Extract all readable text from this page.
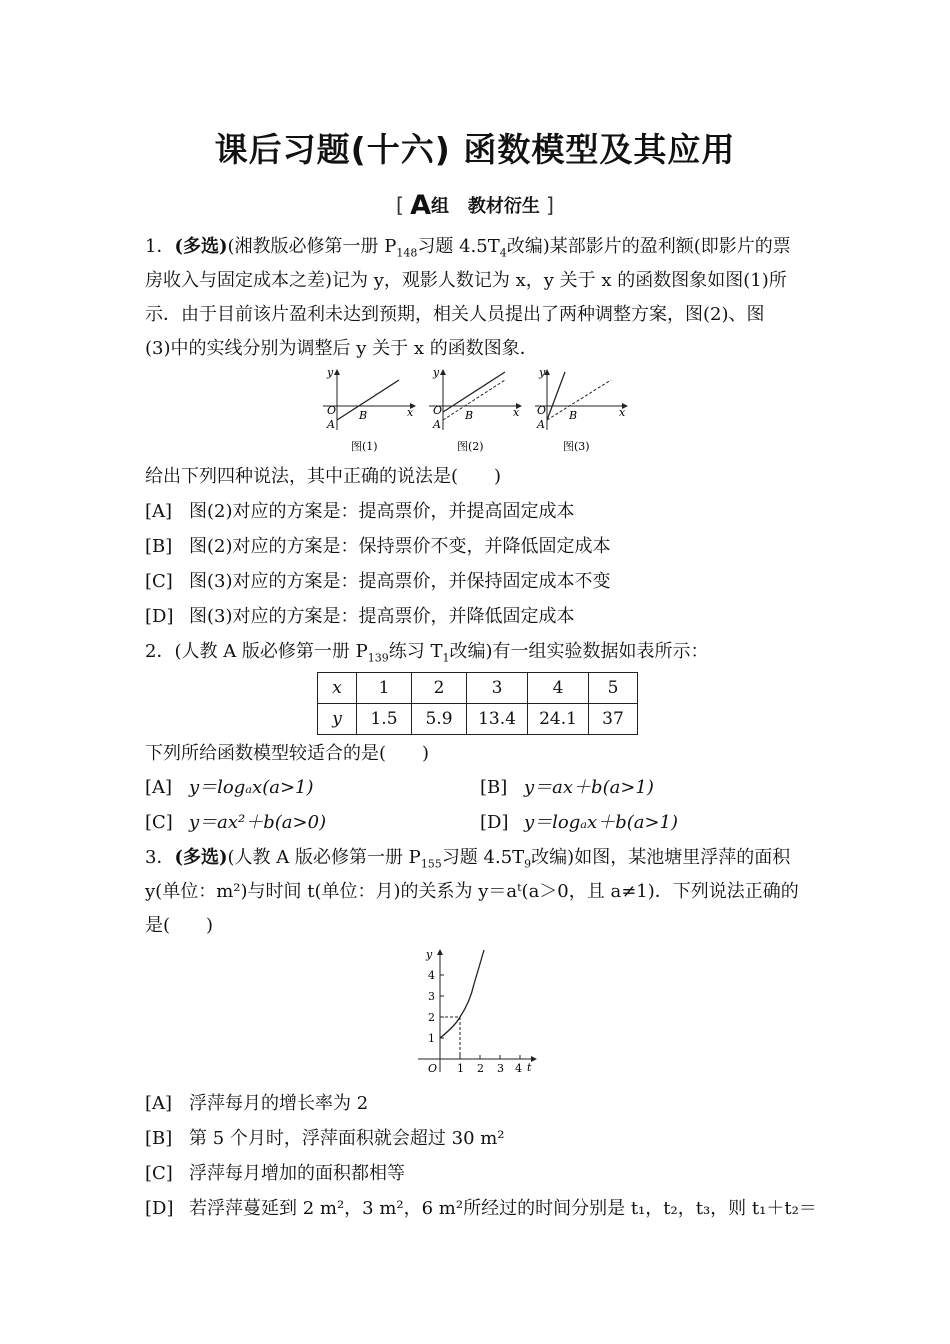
课后习题(十六) 函数模型及其应用
[ A组 教材衍生 ]
1．(多选)(湘教版必修第一册 $P_{148}$习题 $4.5T_4$改编)某部影片的盈利额(即影片的票
房收入与固定成本之差)记为 y，观影人数记为 x，y 关于 x 的函数图象如图(1)所
示．由于目前该片盈利未达到预期，相关人员提出了两种调整方案，图(2)、图
(3)中的实线分别为调整后 y 关于 x 的函数图象．
y
x
O
A
B
图(1)
y
x
O
A
B
图(2)
y
x
O
A
B
图(3)
给出下列四种说法，其中正确的说法是(　　)
[A] 图(2)对应的方案是：提高票价，并提高固定成本
[B] 图(2)对应的方案是：保持票价不变，并降低固定成本
[C] 图(3)对应的方案是：提高票价，并保持固定成本不变
[D] 图(3)对应的方案是：提高票价，并降低固定成本
2．(人教 A 版必修第一册 $P_{139}$练习 $T_1$改编)有一组实验数据如表所示：
x	1	2	3	4	5
y	1.5	5.9	13.4	24.1	37
下列所给函数模型较适合的是(　　)
[A] y＝logₐx(a>1)	[B] y＝ax＋b(a>1)
[C] y＝ax²＋b(a>0)	[D] y＝logₐx＋b(a>1)
3．(多选)(人教 A 版必修第一册 $P_{155}$习题 $4.5T_9$改编)如图，某池塘里浮萍的面积
y(单位：m²)与时间 t(单位：月)的关系为 y＝aᵗ(a＞0，且 a≠1)．下列说法正确的
是(　　)
y
t
O
1
2
3
4
1 2 3 4
[A] 浮萍每月的增长率为 2
[B] 第 5 个月时，浮萍面积就会超过 30 m²
[C] 浮萍每月增加的面积都相等
[D] 若浮萍蔓延到 2 m²，3 m²，6 m²所经过的时间分别是 t₁，t₂，t₃，则 t₁＋t₂＝
